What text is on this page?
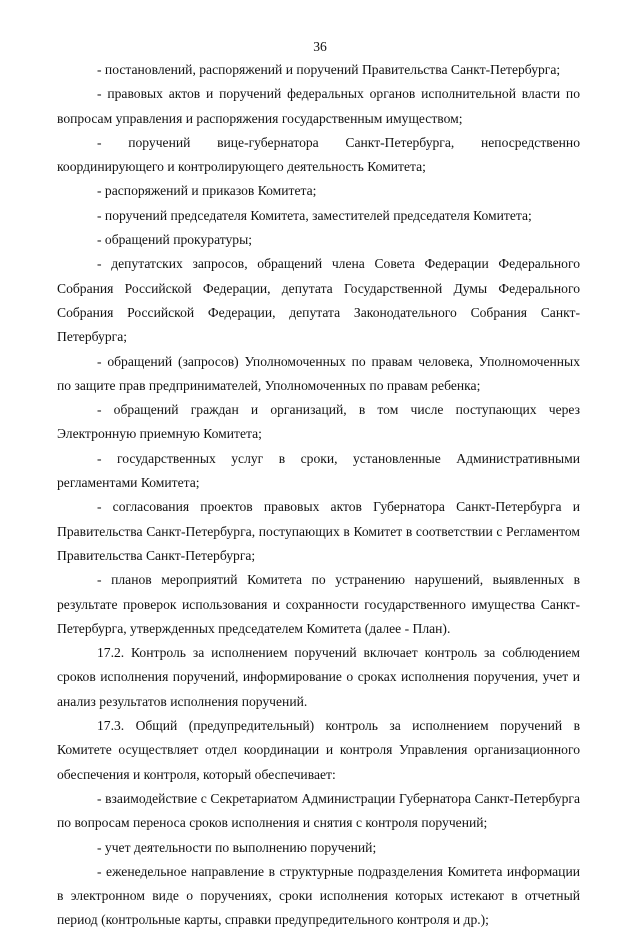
36

- постановлений, распоряжений и поручений Правительства Санкт-Петербурга;

- правовых актов и поручений федеральных органов исполнительной власти по вопросам управления и распоряжения государственным имуществом;

- поручений вице-губернатора Санкт-Петербурга, непосредственно координирующего и контролирующего деятельность Комитета;

- распоряжений и приказов Комитета;

- поручений председателя Комитета, заместителей председателя Комитета;

- обращений прокуратуры;

- депутатских запросов, обращений члена Совета Федерации Федерального Собрания Российской Федерации, депутата Государственной Думы Федерального Собрания Российской Федерации, депутата Законодательного Собрания Санкт-Петербурга;

- обращений (запросов) Уполномоченных по правам человека, Уполномоченных по защите прав предпринимателей, Уполномоченных по правам ребенка;

- обращений граждан и организаций, в том числе поступающих через Электронную приемную Комитета;

- государственных услуг в сроки, установленные Административными регламентами Комитета;

- согласования проектов правовых актов Губернатора Санкт-Петербурга и Правительства Санкт-Петербурга, поступающих в Комитет в соответствии с Регламентом Правительства Санкт-Петербурга;

- планов мероприятий Комитета по устранению нарушений, выявленных в результате проверок использования и сохранности государственного имущества Санкт-Петербурга, утвержденных председателем Комитета (далее - План).

17.2. Контроль за исполнением поручений включает контроль за соблюдением сроков исполнения поручений, информирование о сроках исполнения поручения, учет и анализ результатов исполнения поручений.

17.3. Общий (предупредительный) контроль за исполнением поручений в Комитете осуществляет отдел координации и контроля Управления организационного обеспечения и контроля, который обеспечивает:

- взаимодействие с Секретариатом Администрации Губернатора Санкт-Петербурга по вопросам переноса сроков исполнения и снятия с контроля поручений;

- учет деятельности по выполнению поручений;

- еженедельное направление в структурные подразделения Комитета информации в электронном виде о поручениях, сроки исполнения которых истекают в отчетный период (контрольные карты, справки предупредительного контроля и др.);
